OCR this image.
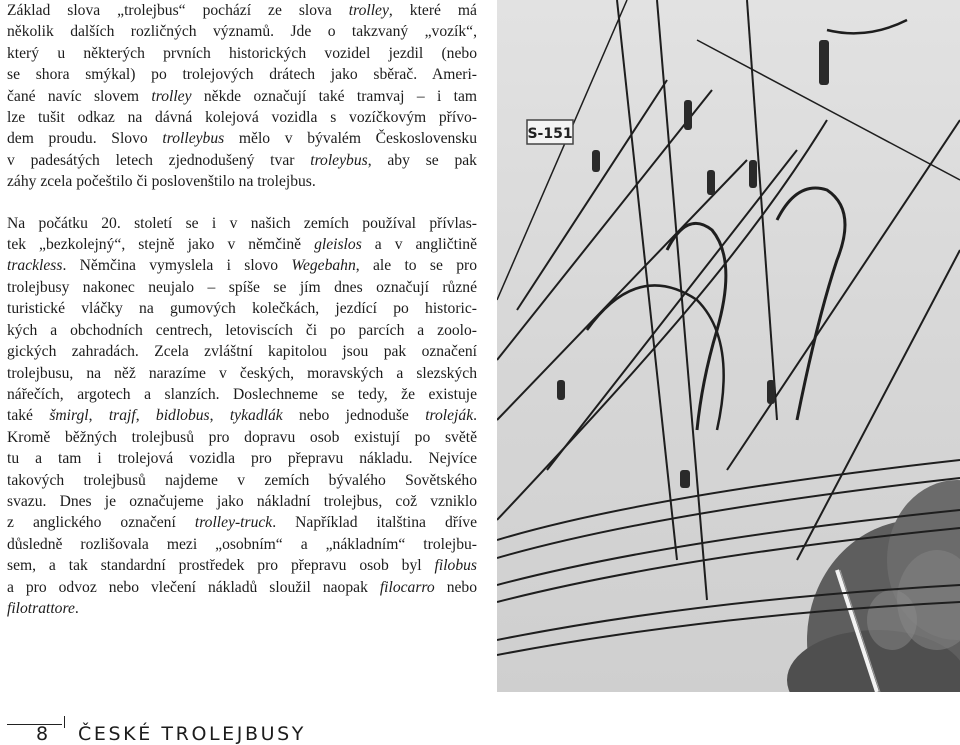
Základ slova „trolejbus“ pochází ze slova trolley, které má
několik dalších rozličných významů. Jde o takzvaný „vozík“,
který u některých prvních historických vozidel jezdil (nebo
se shora smýkal) po trolejových drátech jako sběrač. Ameri-
čané navíc slovem trolley někde označují také tramvaj – i tam
lze tušit odkaz na dávná kolejová vozidla s vozíčkovým přívo-
dem proudu. Slovo trolleybus mělo v bývalém Československu
v padesátých letech zjednodušený tvar troleybus, aby se pak
záhy zcela počeštilo či poslovenštilo na trolejbus.

Na počátku 20. století se i v našich zemích používal přívlas-
tek „bezkolejný“, stejně jako v němčině gleislos a v angličtině
trackless. Němčina vymyslela i slovo Wegebahn, ale to se pro
trolejbusy nakonec neujalo – spíše se jím dnes označují různé
turistické vláčky na gumových kolečkách, jezdící po historic-
kých a obchodních centrech, letoviscích či po parcích a zoolo-
gických zahradách. Zcela zvláštní kapitolou jsou pak označení
trolejbusu, na něž narazíme v českých, moravských a slezských
nářečích, argotech a slanzích. Doslechneme se tedy, že existuje
také šmirgl, trajf, bidlobus, tykadlák nebo jednoduše troleják.
Kromě běžných trolejbusů pro dopravu osob existují po světě
tu a tam i trolejová vozidla pro přepravu nákladu. Nejvíce
takových trolejbusů najdeme v zemích bývalého Sovětského
svazu. Dnes je označujeme jako nákladní trolejbus, což vzniklo
z anglického označení trolley-truck. Například italština dříve
důsledně rozlišovala mezi „osobním“ a „nákladním“ trolejbu-
sem, a tak standardní prostředek pro přepravu osob byl filobus
a pro odvoz nebo vlečení nákladů sloužil naopak filocarro nebo
filotrattore.

S-151
8 ČESKÉ TROLEJBUSY
